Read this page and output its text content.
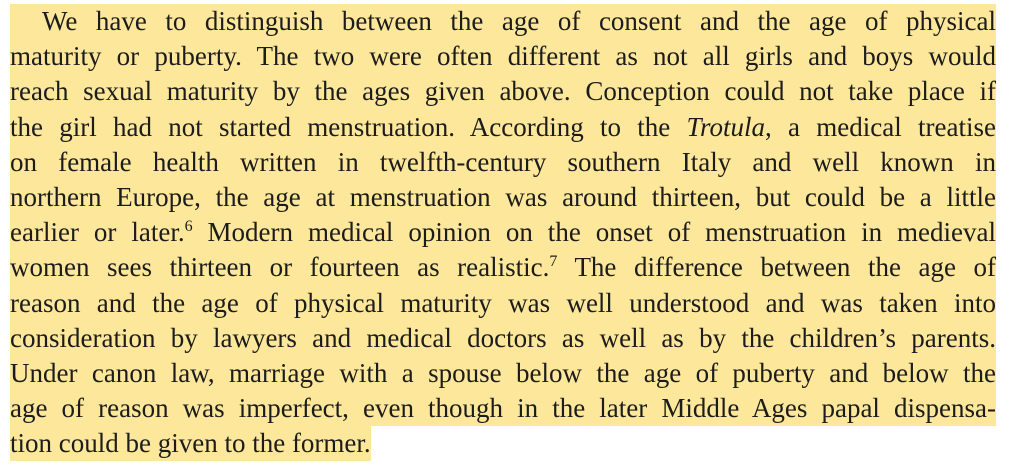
We have to distinguish between the age of consent and the age of physical
maturity or puberty. The two were often different as not all girls and boys would
reach sexual maturity by the ages given above. Conception could not take place if
the girl had not started menstruation. According to the Trotula, a medical treatise
on female health written in twelfth-century southern Italy and well known in
northern Europe, the age at menstruation was around thirteen, but could be a little
earlier or later.$^6$ Modern medical opinion on the onset of menstruation in medieval
women sees thirteen or fourteen as realistic.$^7$ The difference between the age of
reason and the age of physical maturity was well understood and was taken into
consideration by lawyers and medical doctors as well as by the children’s parents.
Under canon law, marriage with a spouse below the age of puberty and below the
age of reason was imperfect, even though in the later Middle Ages papal dispensa-
tion could be given to the former.
